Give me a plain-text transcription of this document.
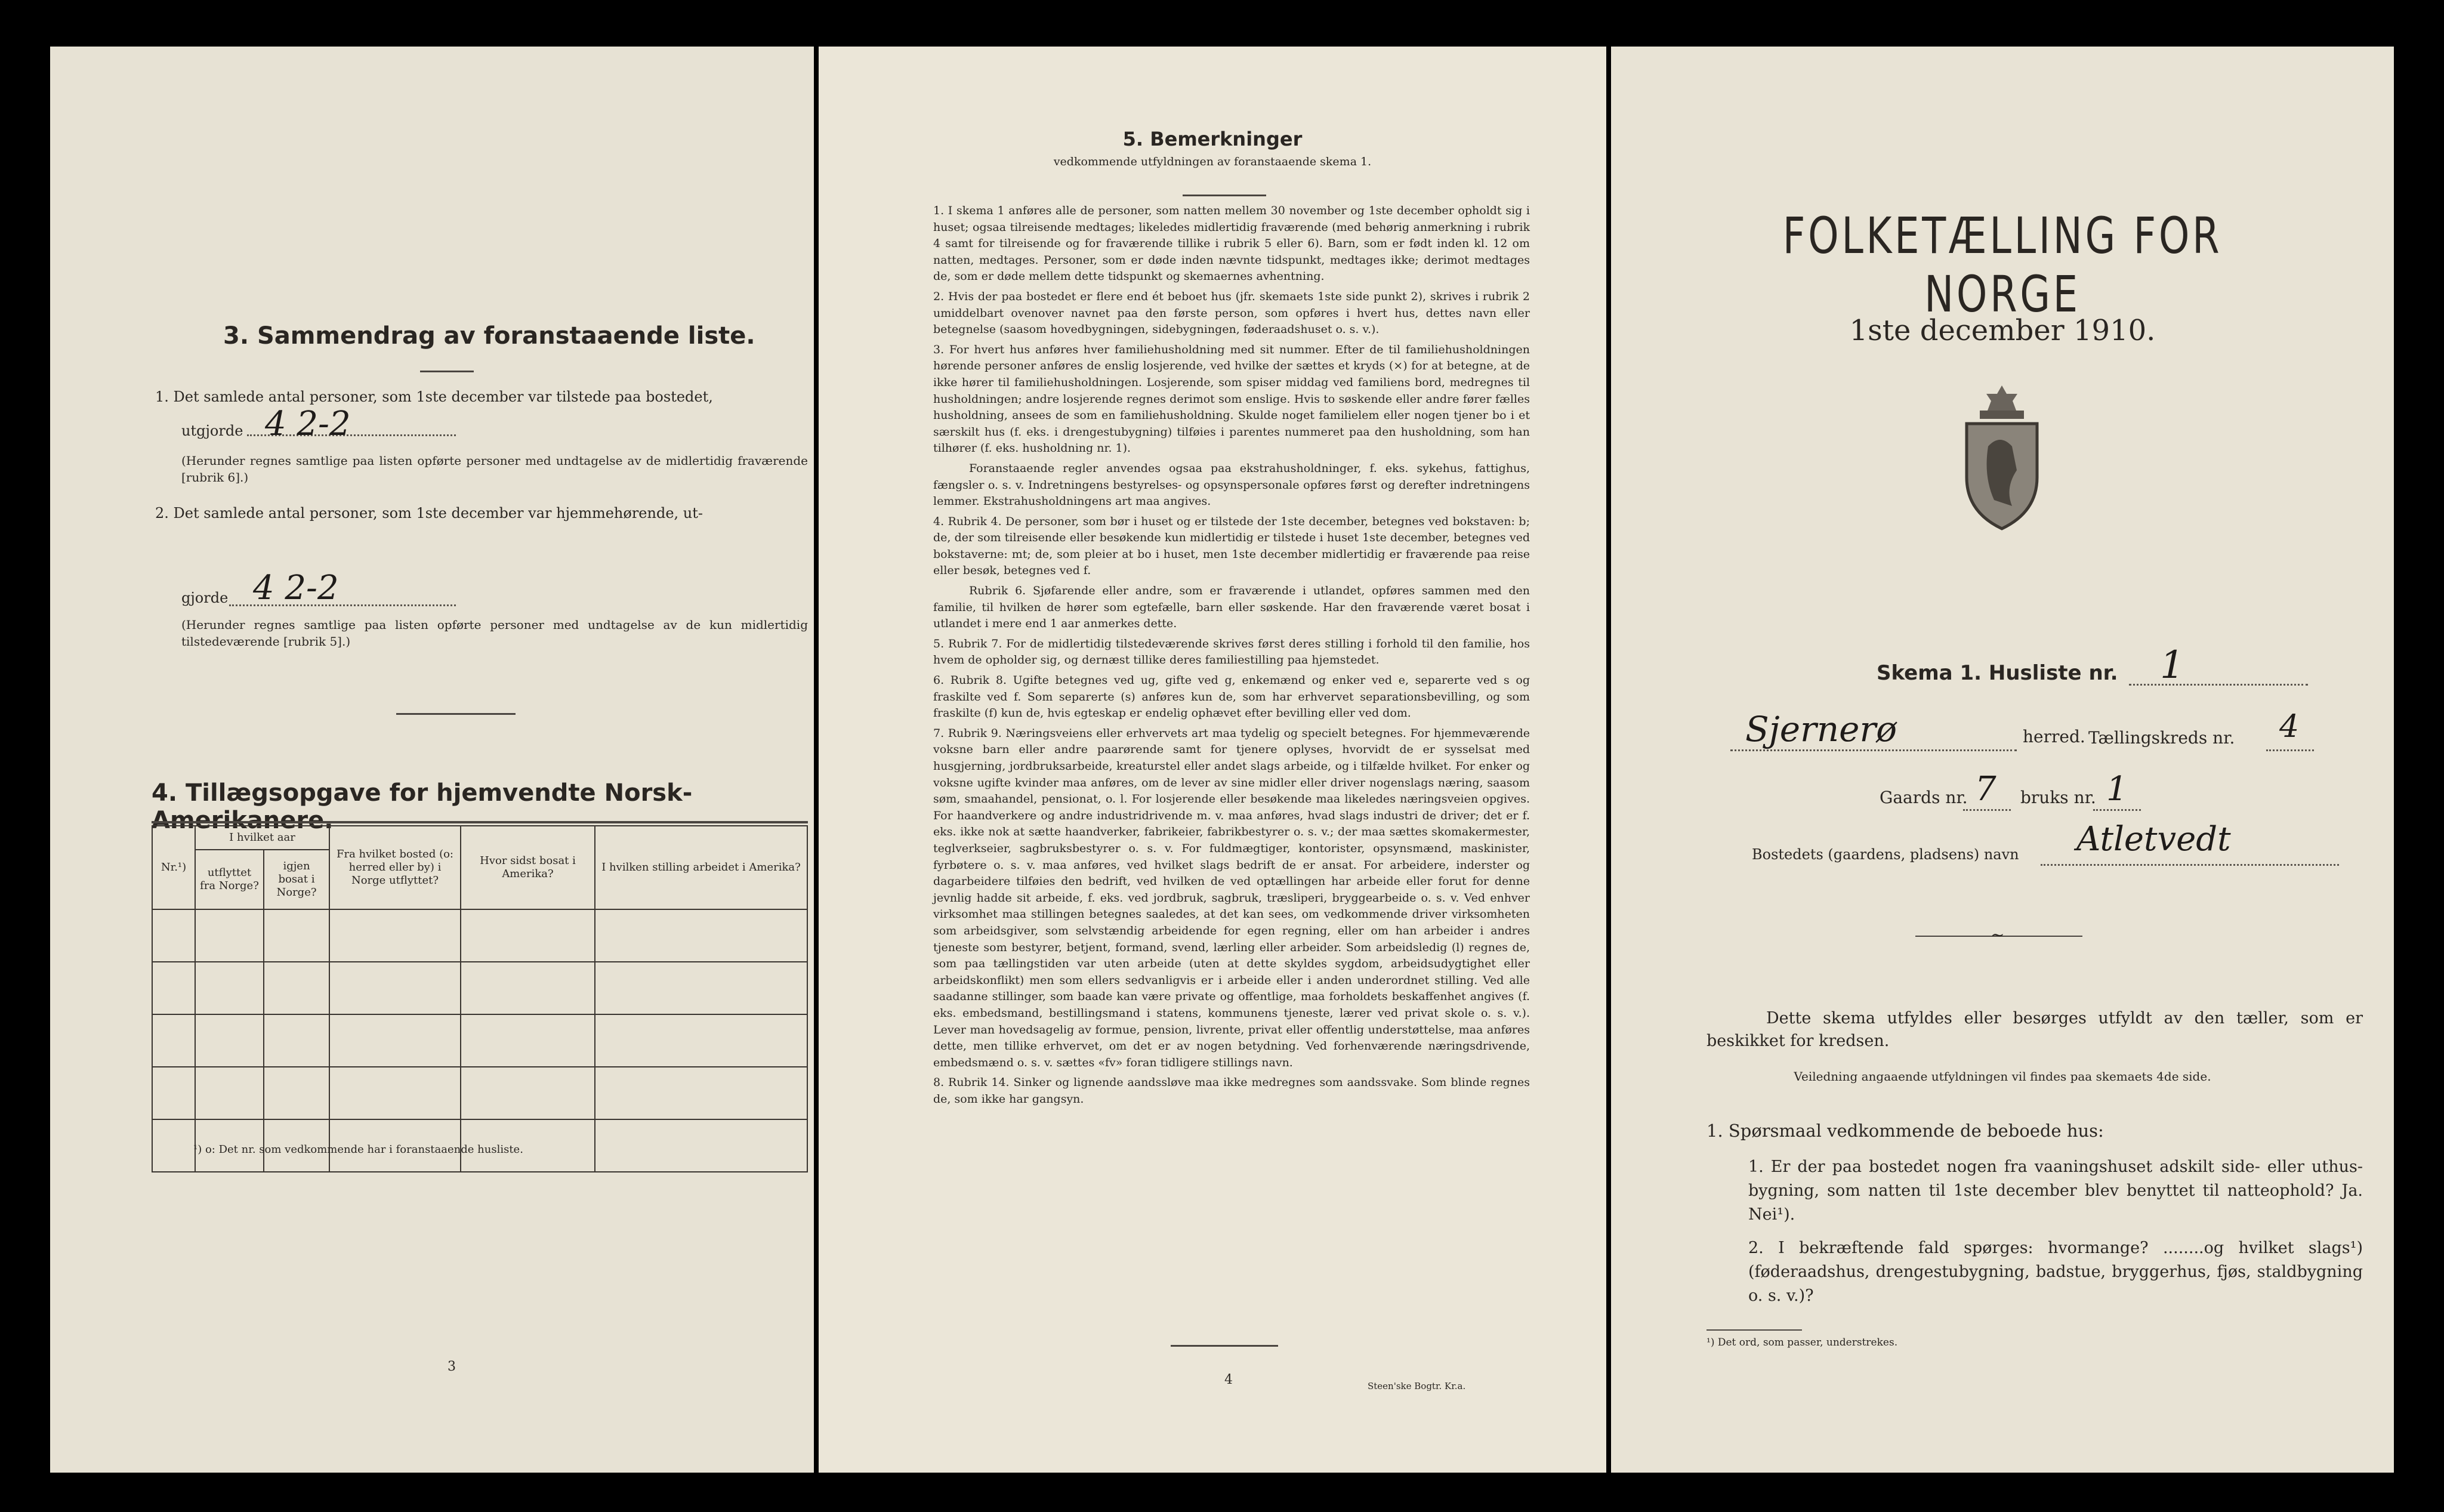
3. Sammendrag av foranstaaende liste.
1. Det samlede antal personer, som 1ste december var tilstede paa bostedet,
utgjorde 4 2-2
(Herunder regnes samtlige paa listen opførte personer med undtagelse av de midlertidig fraværende [rubrik 6].)
2. Det samlede antal personer, som 1ste december var hjemmehørende, ut-
gjorde 4 2-2
(Herunder regnes samtlige paa listen opførte personer med undtagelse av de kun midlertidig tilstedeværende [rubrik 5].)
4. Tillægsopgave for hjemvendte Norsk-Amerikanere.
Nr.¹)	I hvilket aar		Fra hvilket bosted (o: herred eller by) i Norge utflyttet?	Hvor sidst bosat i Amerika?	I hvilken stilling arbeidet i Amerika?
	utflyttet fra Norge?	igjen bosat i Norge?			

¹) o: Det nr. som vedkommende har i foranstaaende husliste.
3
5. Bemerkninger
vedkommende utfyldningen av foranstaaende skema 1.

1. I skema 1 anføres alle de personer, som natten mellem 30 november og 1ste december opholdt sig i huset; ogsaa tilreisende medtages; likeledes midlertidig fraværende (med behørig anmerkning i rubrik 4 samt for tilreisende og for fraværende tillike i rubrik 5 eller 6). Barn, som er født inden kl. 12 om natten, medtages. Personer, som er døde inden nævnte tidspunkt, medtages ikke; derimot medtages de, som er døde mellem dette tidspunkt og skemaernes avhentning.

2. Hvis der paa bostedet er flere end ét beboet hus (jfr. skemaets 1ste side punkt 2), skrives i rubrik 2 umiddelbart ovenover navnet paa den første person, som opføres i hvert hus, dettes navn eller betegnelse (saasom hovedbygningen, sidebygningen, føderaadshuset o. s. v.).

3. For hvert hus anføres hver familiehusholdning med sit nummer. Efter de til familiehusholdningen hørende personer anføres de enslig losjerende, ved hvilke der sættes et kryds (×) for at betegne, at de ikke hører til familiehusholdningen. Losjerende, som spiser middag ved familiens bord, medregnes til husholdningen; andre losjerende regnes derimot som enslige. Hvis to søskende eller andre fører fælles husholdning, ansees de som en familiehusholdning. Skulde noget familielem eller nogen tjener bo i et særskilt hus (f. eks. i drengestubygning) tilføies i parentes nummeret paa den husholdning, som han tilhører (f. eks. husholdning nr. 1).

Foranstaaende regler anvendes ogsaa paa ekstrahusholdninger, f. eks. sykehus, fattighus, fængsler o. s. v. Indretningens bestyrelses- og opsynspersonale opføres først og derefter indretningens lemmer. Ekstrahusholdningens art maa angives.

4. Rubrik 4. De personer, som bør i huset og er tilstede der 1ste december, betegnes ved bokstaven: b; de, der som tilreisende eller besøkende kun midlertidig er tilstede i huset 1ste december, betegnes ved bokstaverne: mt; de, som pleier at bo i huset, men 1ste december midlertidig er fraværende paa reise eller besøk, betegnes ved f.

Rubrik 6. Sjøfarende eller andre, som er fraværende i utlandet, opføres sammen med den familie, til hvilken de hører som egtefælle, barn eller søskende. Har den fraværende været bosat i utlandet i mere end 1 aar anmerkes dette.

5. Rubrik 7. For de midlertidig tilstedeværende skrives først deres stilling i forhold til den familie, hos hvem de opholder sig, og dernæst tillike deres familiestilling paa hjemstedet.

6. Rubrik 8. Ugifte betegnes ved ug, gifte ved g, enkemænd og enker ved e, separerte ved s og fraskilte ved f. Som separerte (s) anføres kun de, som har erhvervet separationsbevilling, og som fraskilte (f) kun de, hvis egteskap er endelig ophævet efter bevilling eller ved dom.

7. Rubrik 9. Næringsveiens eller erhvervets art maa tydelig og specielt betegnes. For hjemmeværende voksne barn eller andre paarørende samt for tjenere oplyses, hvorvidt de er sysselsat med husgjerning, jordbruksarbeide, kreaturstel eller andet slags arbeide, og i tilfælde hvilket. For enker og voksne ugifte kvinder maa anføres, om de lever av sine midler eller driver nogenslags næring, saasom søm, smaahandel, pensionat, o. l. For losjerende eller besøkende maa likeledes næringsveien opgives. For haandverkere og andre industridrivende m. v. maa anføres, hvad slags industri de driver; det er f. eks. ikke nok at sætte haandverker, fabrikeier, fabrikbestyrer o. s. v.; der maa sættes skomakermester, teglverkseier, sagbruksbestyrer o. s. v. For fuldmægtiger, kontorister, opsynsmænd, maskinister, fyrbøtere o. s. v. maa anføres, ved hvilket slags bedrift de er ansat. For arbeidere, inderster og dagarbeidere tilføies den bedrift, ved hvilken de ved optællingen har arbeide eller forut for denne jevnlig hadde sit arbeide, f. eks. ved jordbruk, sagbruk, træsliperi, bryggearbeide o. s. v. Ved enhver virksomhet maa stillingen betegnes saaledes, at det kan sees, om vedkommende driver virksomheten som arbeidsgiver, som selvstændig arbeidende for egen regning, eller om han arbeider i andres tjeneste som bestyrer, betjent, formand, svend, lærling eller arbeider. Som arbeidsledig (l) regnes de, som paa tællingstiden var uten arbeide (uten at dette skyldes sygdom, arbeidsudygtighet eller arbeidskonflikt) men som ellers sedvanligvis er i arbeide eller i anden underordnet stilling. Ved alle saadanne stillinger, som baade kan være private og offentlige, maa forholdets beskaffenhet angives (f. eks. embedsmand, bestillingsmand i statens, kommunens tjeneste, lærer ved privat skole o. s. v.). Lever man hovedsagelig av formue, pension, livrente, privat eller offentlig understøttelse, maa anføres dette, men tillike erhvervet, om det er av nogen betydning. Ved forhenværende næringsdrivende, embedsmænd o. s. v. sættes «fv» foran tidligere stillings navn.

8. Rubrik 14. Sinker og lignende aandssløve maa ikke medregnes som aandssvake. Som blinde regnes de, som ikke har gangsyn.

4	Steen'ske Bogtr. Kr.a.
FOLKETÆLLING FOR NORGE
1ste december 1910.
Skema 1. Husliste nr. 1
Sjernerø	herred. Tællingskreds nr. 4
Gaards nr. 7 bruks nr. 1
Bostedets (gaardens, pladsens) navn Atletvedt
~
Dette skema utfyldes eller besørges utfyldt av den tæller, som er beskikket for kredsen.
Veiledning angaaende utfyldningen vil findes paa skemaets 4de side.
1. Spørsmaal vedkommende de beboede hus:
1. Er der paa bostedet nogen fra vaaningshuset adskilt side- eller uthus-bygning, som natten til 1ste december blev benyttet til natteophold? Ja. Nei¹).
2. I bekræftende fald spørges: hvormange? ........og hvilket slags¹) (føderaadshus, drengestubygning, badstue, bryggerhus, fjøs, staldbygning o. s. v.)?
¹) Det ord, som passer, understrekes.
